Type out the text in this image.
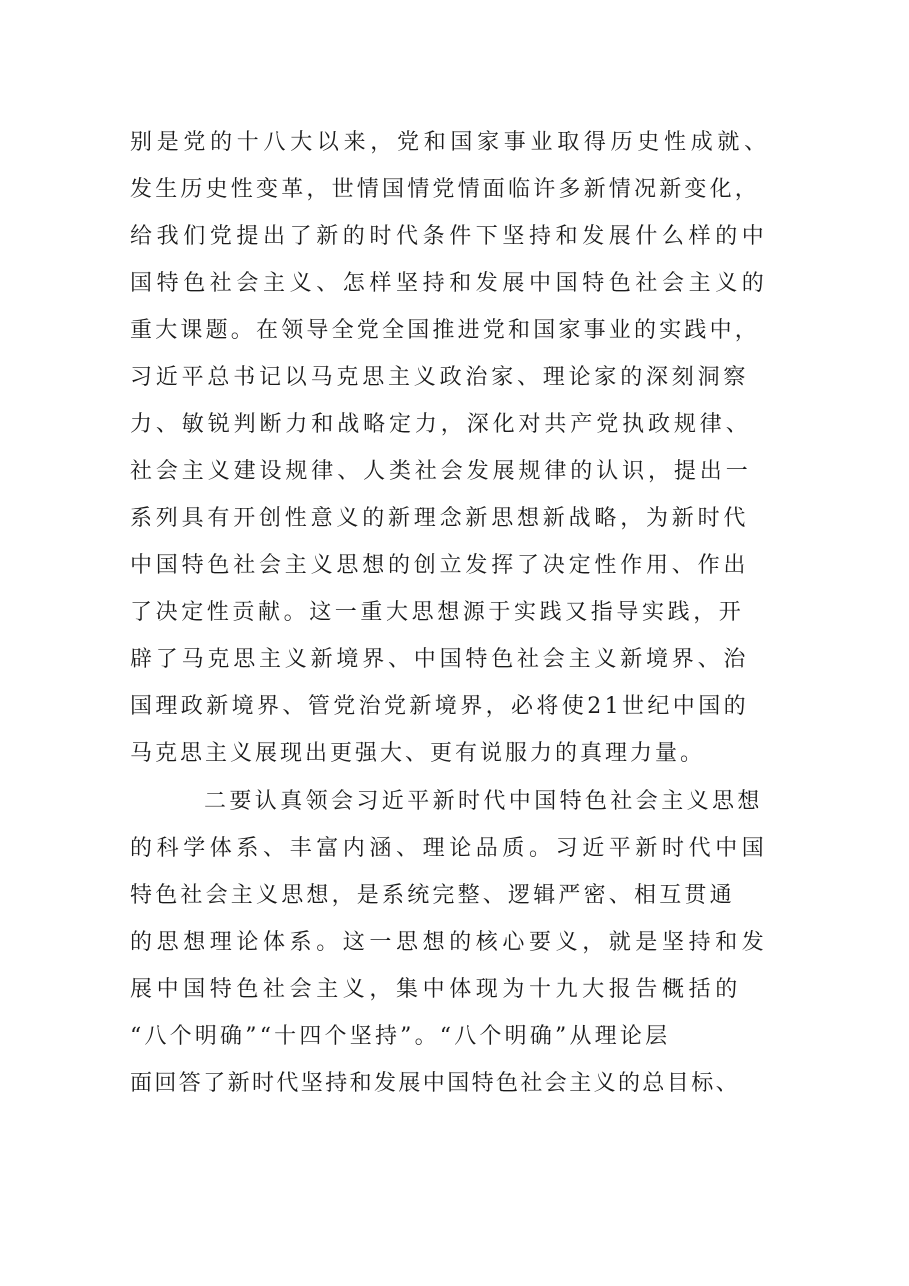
别是党的十八大以来，党和国家事业取得历史性成就、
发生历史性变革，世情国情党情面临许多新情况新变化，
给我们党提出了新的时代条件下坚持和发展什么样的中
国特色社会主义、怎样坚持和发展中国特色社会主义的
重大课题。在领导全党全国推进党和国家事业的实践中，
习近平总书记以马克思主义政治家、理论家的深刻洞察
力、敏锐判断力和战略定力，深化对共产党执政规律、
社会主义建设规律、人类社会发展规律的认识，提出一
系列具有开创性意义的新理念新思想新战略，为新时代
中国特色社会主义思想的创立发挥了决定性作用、作出
了决定性贡献。这一重大思想源于实践又指导实践，开
辟了马克思主义新境界、中国特色社会主义新境界、治
国理政新境界、管党治党新境界，必将使21世纪中国的
马克思主义展现出更强大、更有说服力的真理力量。
二要认真领会习近平新时代中国特色社会主义思想
的科学体系、丰富内涵、理论品质。习近平新时代中国
特色社会主义思想，是系统完整、逻辑严密、相互贯通
的思想理论体系。这一思想的核心要义，就是坚持和发
展中国特色社会主义，集中体现为十九大报告概括的
“八个明确”“十四个坚持”。“八个明确”从理论层
面回答了新时代坚持和发展中国特色社会主义的总目标、
